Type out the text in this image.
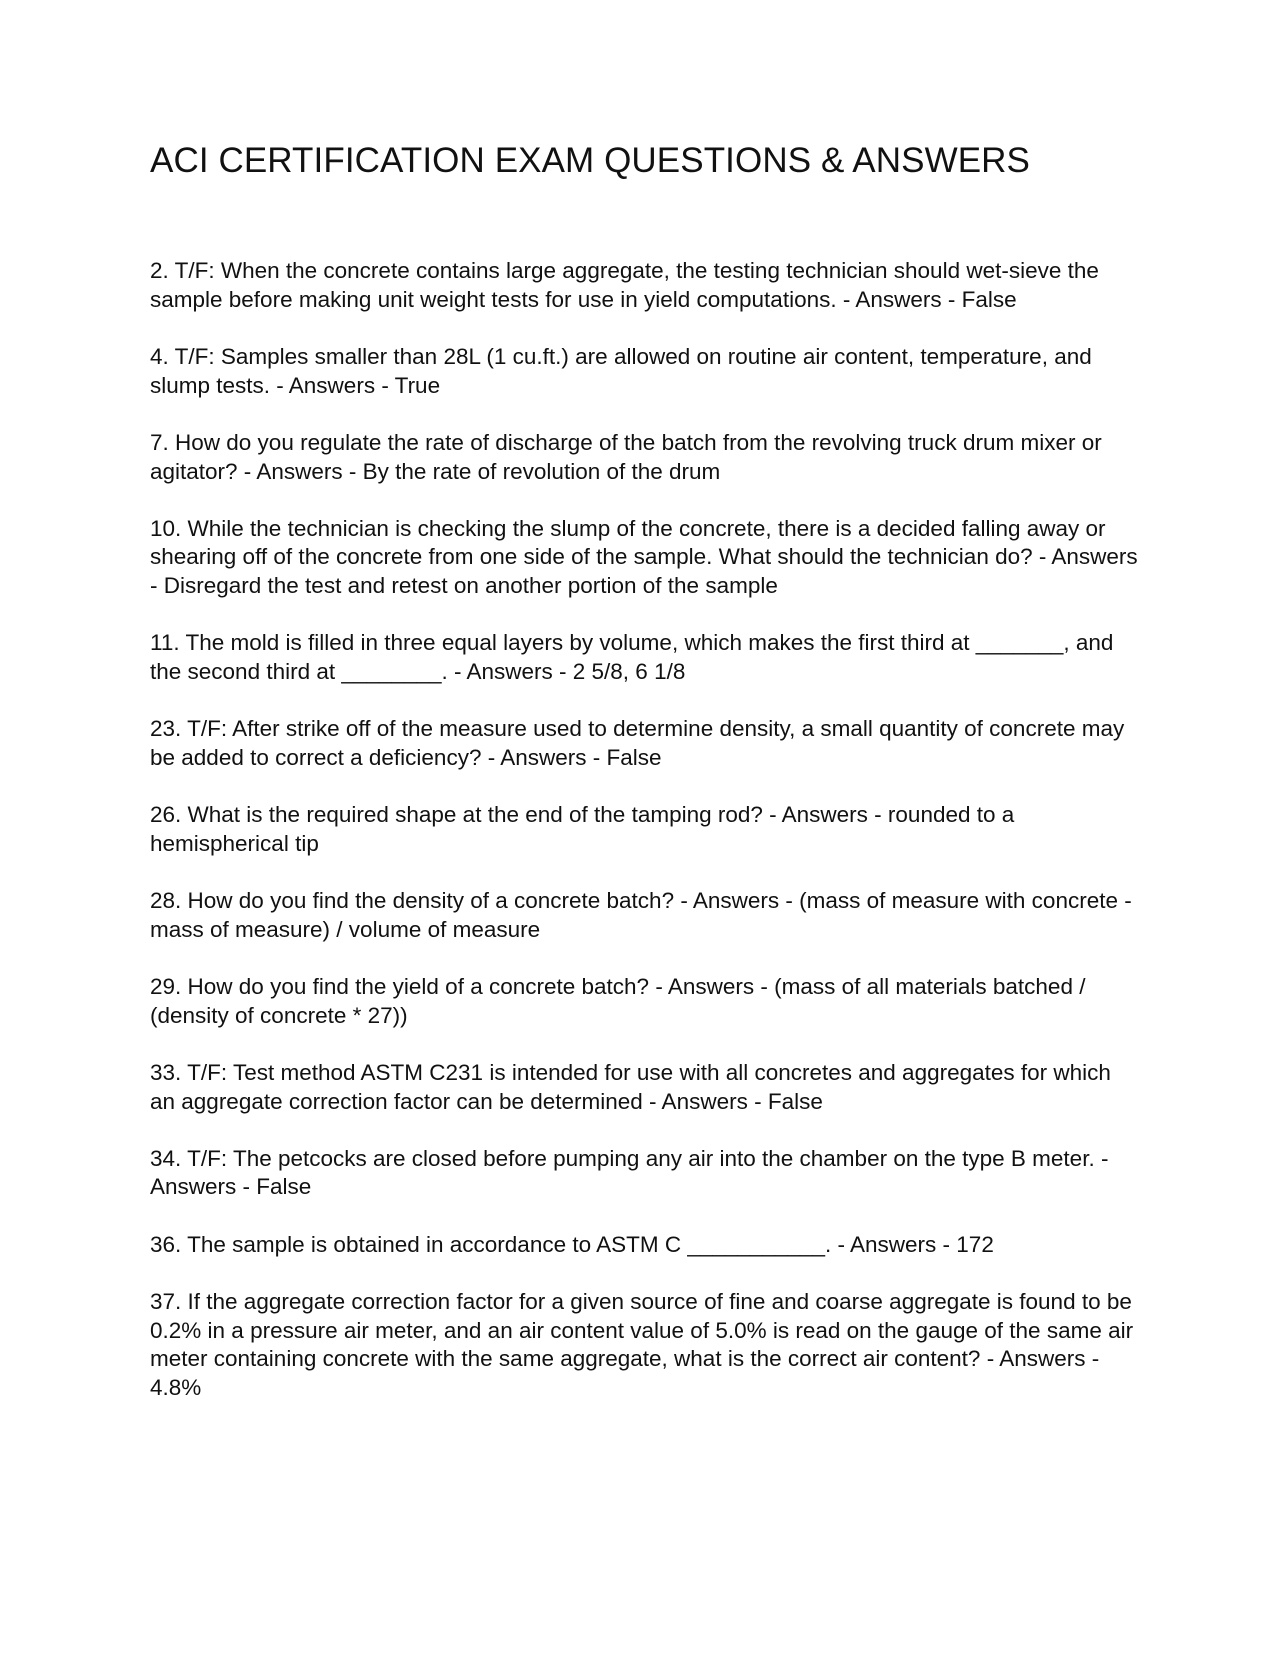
ACI CERTIFICATION EXAM QUESTIONS & ANSWERS

2. T/F: When the concrete contains large aggregate, the testing technician should wet-sieve the sample before making unit weight tests for use in yield computations. - Answers - False

4. T/F: Samples smaller than 28L (1 cu.ft.) are allowed on routine air content, temperature, and slump tests. - Answers - True

7. How do you regulate the rate of discharge of the batch from the revolving truck drum mixer or agitator? - Answers - By the rate of revolution of the drum

10. While the technician is checking the slump of the concrete, there is a decided falling away or shearing off of the concrete from one side of the sample. What should the technician do? - Answers - Disregard the test and retest on another portion of the sample

11. The mold is filled in three equal layers by volume, which makes the first third at _______, and the second third at ________. - Answers - 2 5/8, 6 1/8

23. T/F: After strike off of the measure used to determine density, a small quantity of concrete may be added to correct a deficiency? - Answers - False

26. What is the required shape at the end of the tamping rod? - Answers - rounded to a hemispherical tip

28. How do you find the density of a concrete batch? - Answers - (mass of measure with concrete - mass of measure) / volume of measure

29. How do you find the yield of a concrete batch? - Answers - (mass of all materials batched / (density of concrete * 27))

33. T/F: Test method ASTM C231 is intended for use with all concretes and aggregates for which an aggregate correction factor can be determined - Answers - False

34. T/F: The petcocks are closed before pumping any air into the chamber on the type B meter. - Answers - False

36. The sample is obtained in accordance to ASTM C ___________. - Answers - 172

37. If the aggregate correction factor for a given source of fine and coarse aggregate is found to be 0.2% in a pressure air meter, and an air content value of 5.0% is read on the gauge of the same air meter containing concrete with the same aggregate, what is the correct air content? - Answers - 4.8%
